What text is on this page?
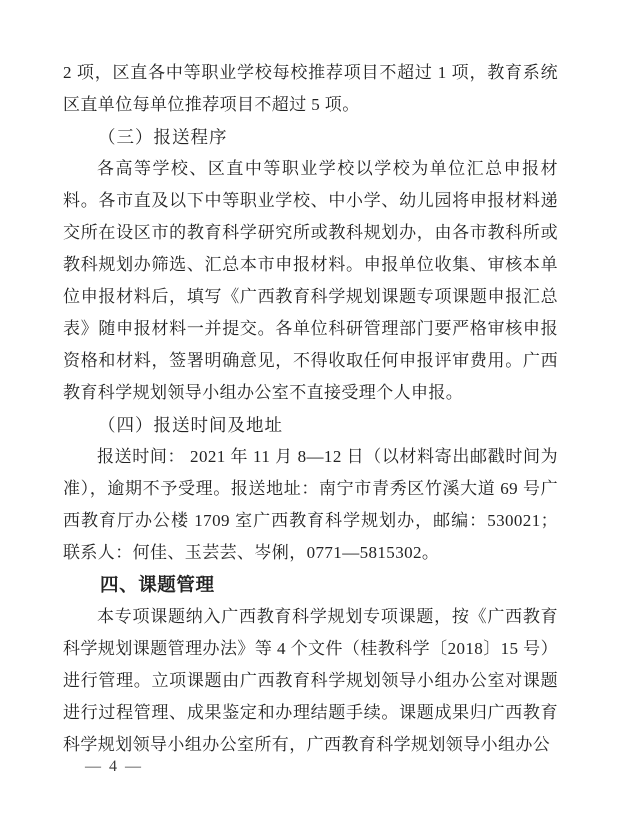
2 项，区直各中等职业学校每校推荐项目不超过 1 项，教育系统区直单位每单位推荐项目不超过 5 项。

（三）报送程序

各高等学校、区直中等职业学校以学校为单位汇总申报材料。各市直及以下中等职业学校、中小学、幼儿园将申报材料递交所在设区市的教育科学研究所或教科规划办，由各市教科所或教科规划办筛选、汇总本市申报材料。申报单位收集、审核本单位申报材料后，填写《广西教育科学规划课题专项课题申报汇总表》随申报材料一并提交。各单位科研管理部门要严格审核申报资格和材料，签署明确意见，不得收取任何申报评审费用。广西教育科学规划领导小组办公室不直接受理个人申报。

（四）报送时间及地址

报送时间： 2021 年 11 月 8—12 日（以材料寄出邮戳时间为准），逾期不予受理。报送地址：南宁市青秀区竹溪大道 69 号广西教育厅办公楼 1709 室广西教育科学规划办，邮编：530021；联系人：何佳、玉芸芸、岑俐，0771—5815302。

四、课题管理

本专项课题纳入广西教育科学规划专项课题，按《广西教育科学规划课题管理办法》等 4 个文件（桂教科学〔2018〕15 号）进行管理。立项课题由广西教育科学规划领导小组办公室对课题进行过程管理、成果鉴定和办理结题手续。课题成果归广西教育科学规划领导小组办公室所有，广西教育科学规划领导小组办公

— 4 —
